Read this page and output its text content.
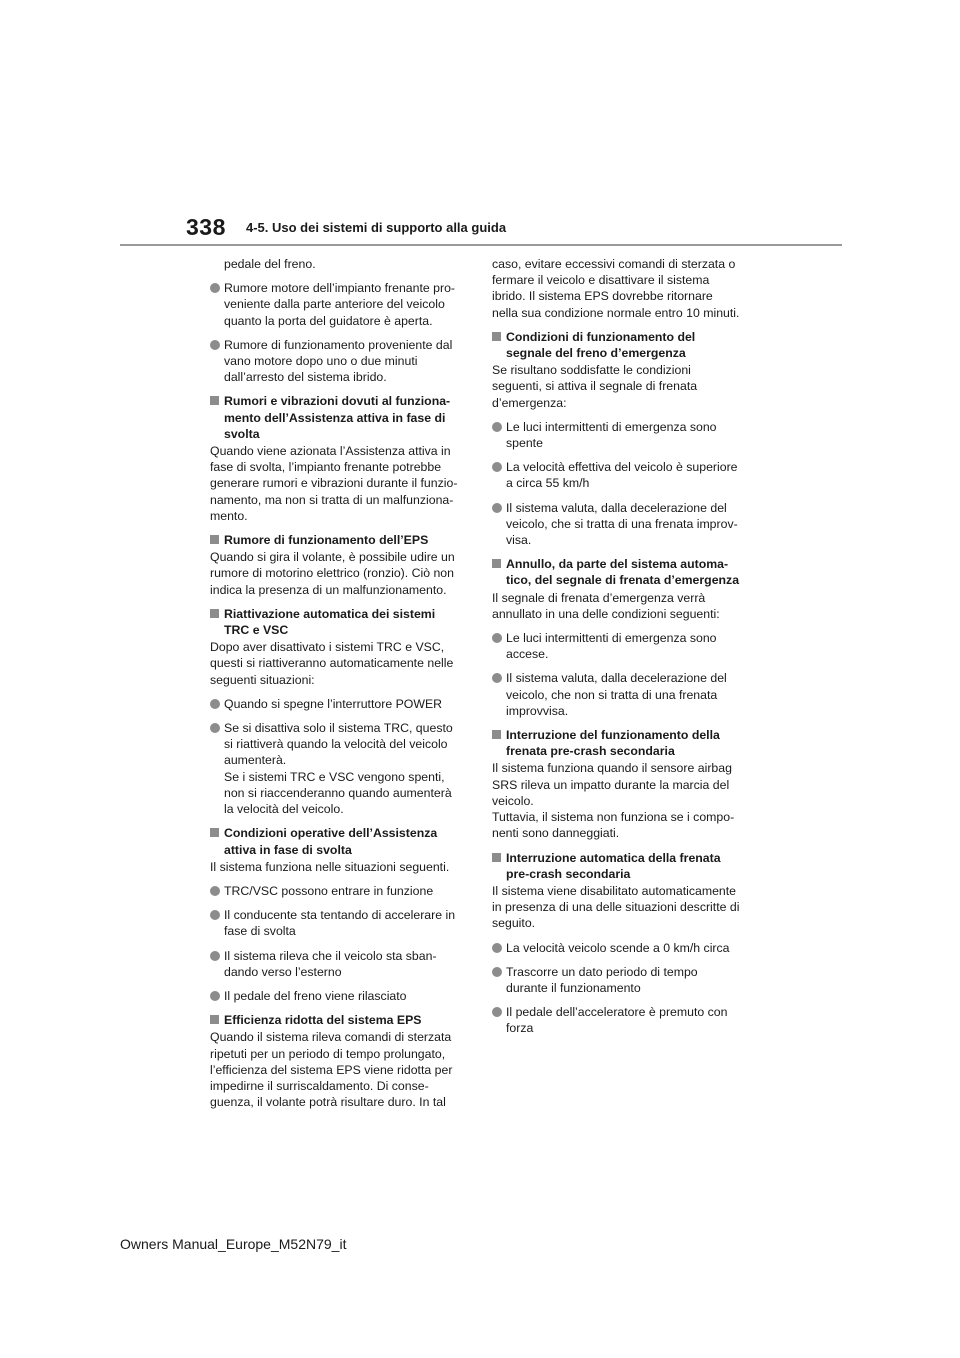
338 4-5. Uso dei sistemi di supporto alla guida
pedale del freno.
Rumore motore dell’impianto frenante pro-
veniente dalla parte anteriore del veicolo
quanto la porta del guidatore è aperta.
Rumore di funzionamento proveniente dal
vano motore dopo uno o due minuti
dall’arresto del sistema ibrido.
Rumori e vibrazioni dovuti al funziona-
mento dell’Assistenza attiva in fase di
svolta
Quando viene azionata l’Assistenza attiva in
fase di svolta, l’impianto frenante potrebbe
generare rumori e vibrazioni durante il funzio-
namento, ma non si tratta di un malfunziona-
mento.
Rumore di funzionamento dell’EPS
Quando si gira il volante, è possibile udire un
rumore di motorino elettrico (ronzio). Ciò non
indica la presenza di un malfunzionamento.
Riattivazione automatica dei sistemi
TRC e VSC
Dopo aver disattivato i sistemi TRC e VSC,
questi si riattiveranno automaticamente nelle
seguenti situazioni:
Quando si spegne l’interruttore POWER
Se si disattiva solo il sistema TRC, questo
si riattiverà quando la velocità del veicolo
aumenterà.
Se i sistemi TRC e VSC vengono spenti,
non si riaccenderanno quando aumenterà
la velocità del veicolo.
Condizioni operative dell’Assistenza
attiva in fase di svolta
Il sistema funziona nelle situazioni seguenti.
TRC/VSC possono entrare in funzione
Il conducente sta tentando di accelerare in
fase di svolta
Il sistema rileva che il veicolo sta sban-
dando verso l’esterno
Il pedale del freno viene rilasciato
Efficienza ridotta del sistema EPS
Quando il sistema rileva comandi di sterzata
ripetuti per un periodo di tempo prolungato,
l’efficienza del sistema EPS viene ridotta per
impedirne il surriscaldamento. Di conse-
guenza, il volante potrà risultare duro. In tal
caso, evitare eccessivi comandi di sterzata o
fermare il veicolo e disattivare il sistema
ibrido. Il sistema EPS dovrebbe ritornare
nella sua condizione normale entro 10 minuti.
Condizioni di funzionamento del
segnale del freno d’emergenza
Se risultano soddisfatte le condizioni
seguenti, si attiva il segnale di frenata
d’emergenza:
Le luci intermittenti di emergenza sono
spente
La velocità effettiva del veicolo è superiore
a circa 55 km/h
Il sistema valuta, dalla decelerazione del
veicolo, che si tratta di una frenata improv-
visa.
Annullo, da parte del sistema automa-
tico, del segnale di frenata d’emergenza
Il segnale di frenata d’emergenza verrà
annullato in una delle condizioni seguenti:
Le luci intermittenti di emergenza sono
accese.
Il sistema valuta, dalla decelerazione del
veicolo, che non si tratta di una frenata
improvvisa.
Interruzione del funzionamento della
frenata pre-crash secondaria
Il sistema funziona quando il sensore airbag
SRS rileva un impatto durante la marcia del
veicolo.
Tuttavia, il sistema non funziona se i compo-
nenti sono danneggiati.
Interruzione automatica della frenata
pre-crash secondaria
Il sistema viene disabilitato automaticamente
in presenza di una delle situazioni descritte di
seguito.
La velocità veicolo scende a 0 km/h circa
Trascorre un dato periodo di tempo
durante il funzionamento
Il pedale dell’acceleratore è premuto con
forza
Owners Manual_Europe_M52N79_it
